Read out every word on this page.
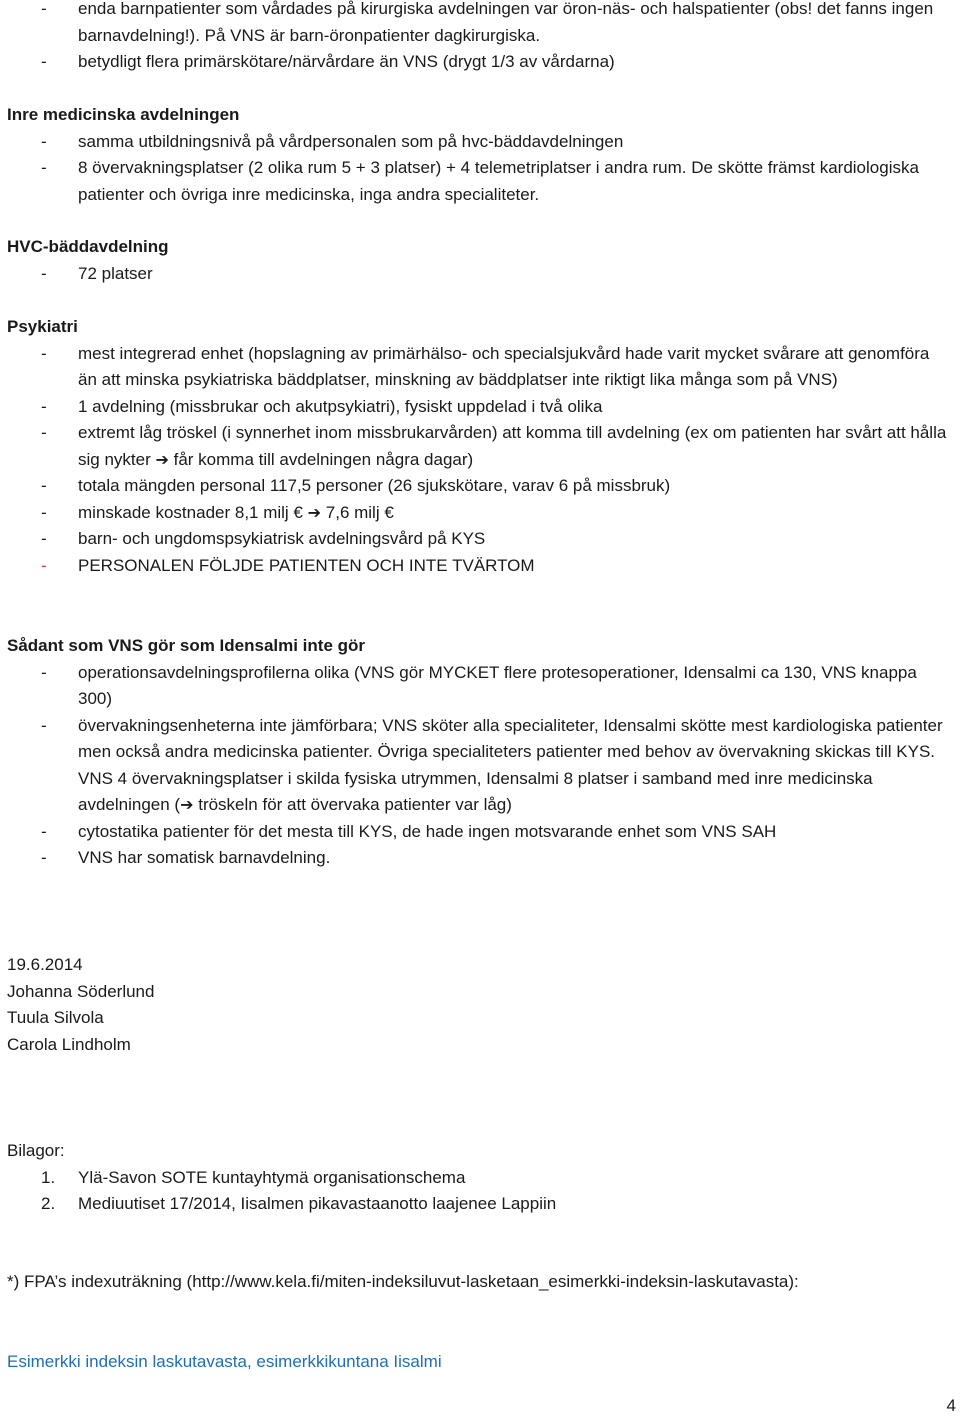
- enda barnpatienter som vårdades på kirurgiska avdelningen var öron-näs- och halspatienter (obs! det fanns ingen barnavdelning!). På VNS är barn-öronpatienter dagkirurgiska.
- betydligt flera primärskötare/närvårdare än VNS (drygt 1/3 av vårdarna)

Inre medicinska avdelningen

- samma utbildningsnivå på vårdpersonalen som på hvc-bäddavdelningen
- 8 övervakningsplatser (2 olika rum 5 + 3 platser) + 4 telemetriplatser i andra rum. De skötte främst kardiologiska patienter och övriga inre medicinska, inga andra specialiteter.

HVC-bäddavdelning

- 72 platser

Psykiatri

- mest integrerad enhet (hopslagning av primärhälso- och specialsjukvård hade varit mycket svårare att genomföra än att minska psykiatriska bäddplatser, minskning av bäddplatser inte riktigt lika många som på VNS)
- 1 avdelning (missbrukar och akutpsykiatri), fysiskt uppdelad i två olika
- extremt låg tröskel (i synnerhet inom missbrukarvården) att komma till avdelning (ex om patienten har svårt att hålla sig nykter ➔ får komma till avdelningen några dagar)
- totala mängden personal 117,5 personer (26 sjukskötare, varav 6 på missbruk)
- minskade kostnader 8,1 milj € ➔ 7,6 milj €
- barn- och ungdomspsykiatrisk avdelningsvård på KYS
- PERSONALEN FÖLJDE PATIENTEN OCH INTE TVÄRTOM

Sådant som VNS gör som Idensalmi inte gör

- operationsavdelningsprofilerna olika (VNS gör MYCKET flere protesoperationer, Idensalmi ca 130, VNS knappa 300)
- övervakningsenheterna inte jämförbara; VNS sköter alla specialiteter, Idensalmi skötte mest kardiologiska patienter men också andra medicinska patienter. Övriga specialiteters patienter med behov av övervakning skickas till KYS. VNS 4 övervakningsplatser i skilda fysiska utrymmen, Idensalmi 8 platser i samband med inre medicinska avdelningen (➔ tröskeln för att övervaka patienter var låg)
- cytostatika patienter för det mesta till KYS, de hade ingen motsvarande enhet som VNS SAH
- VNS har somatisk barnavdelning.

19.6.2014

Johanna Söderlund

Tuula Silvola

Carola Lindholm

Bilagor:

1. Ylä-Savon SOTE kuntayhtymä organisationschema
2. Mediuutiset 17/2014, Iisalmen pikavastaanotto laajenee Lappiin

*) FPA’s indexuträkning (http://www.kela.fi/miten-indeksiluvut-lasketaan_esimerkki-indeksin-laskutavasta):

Esimerkki indeksin laskutavasta, esimerkkikuntana Iisalmi
4
